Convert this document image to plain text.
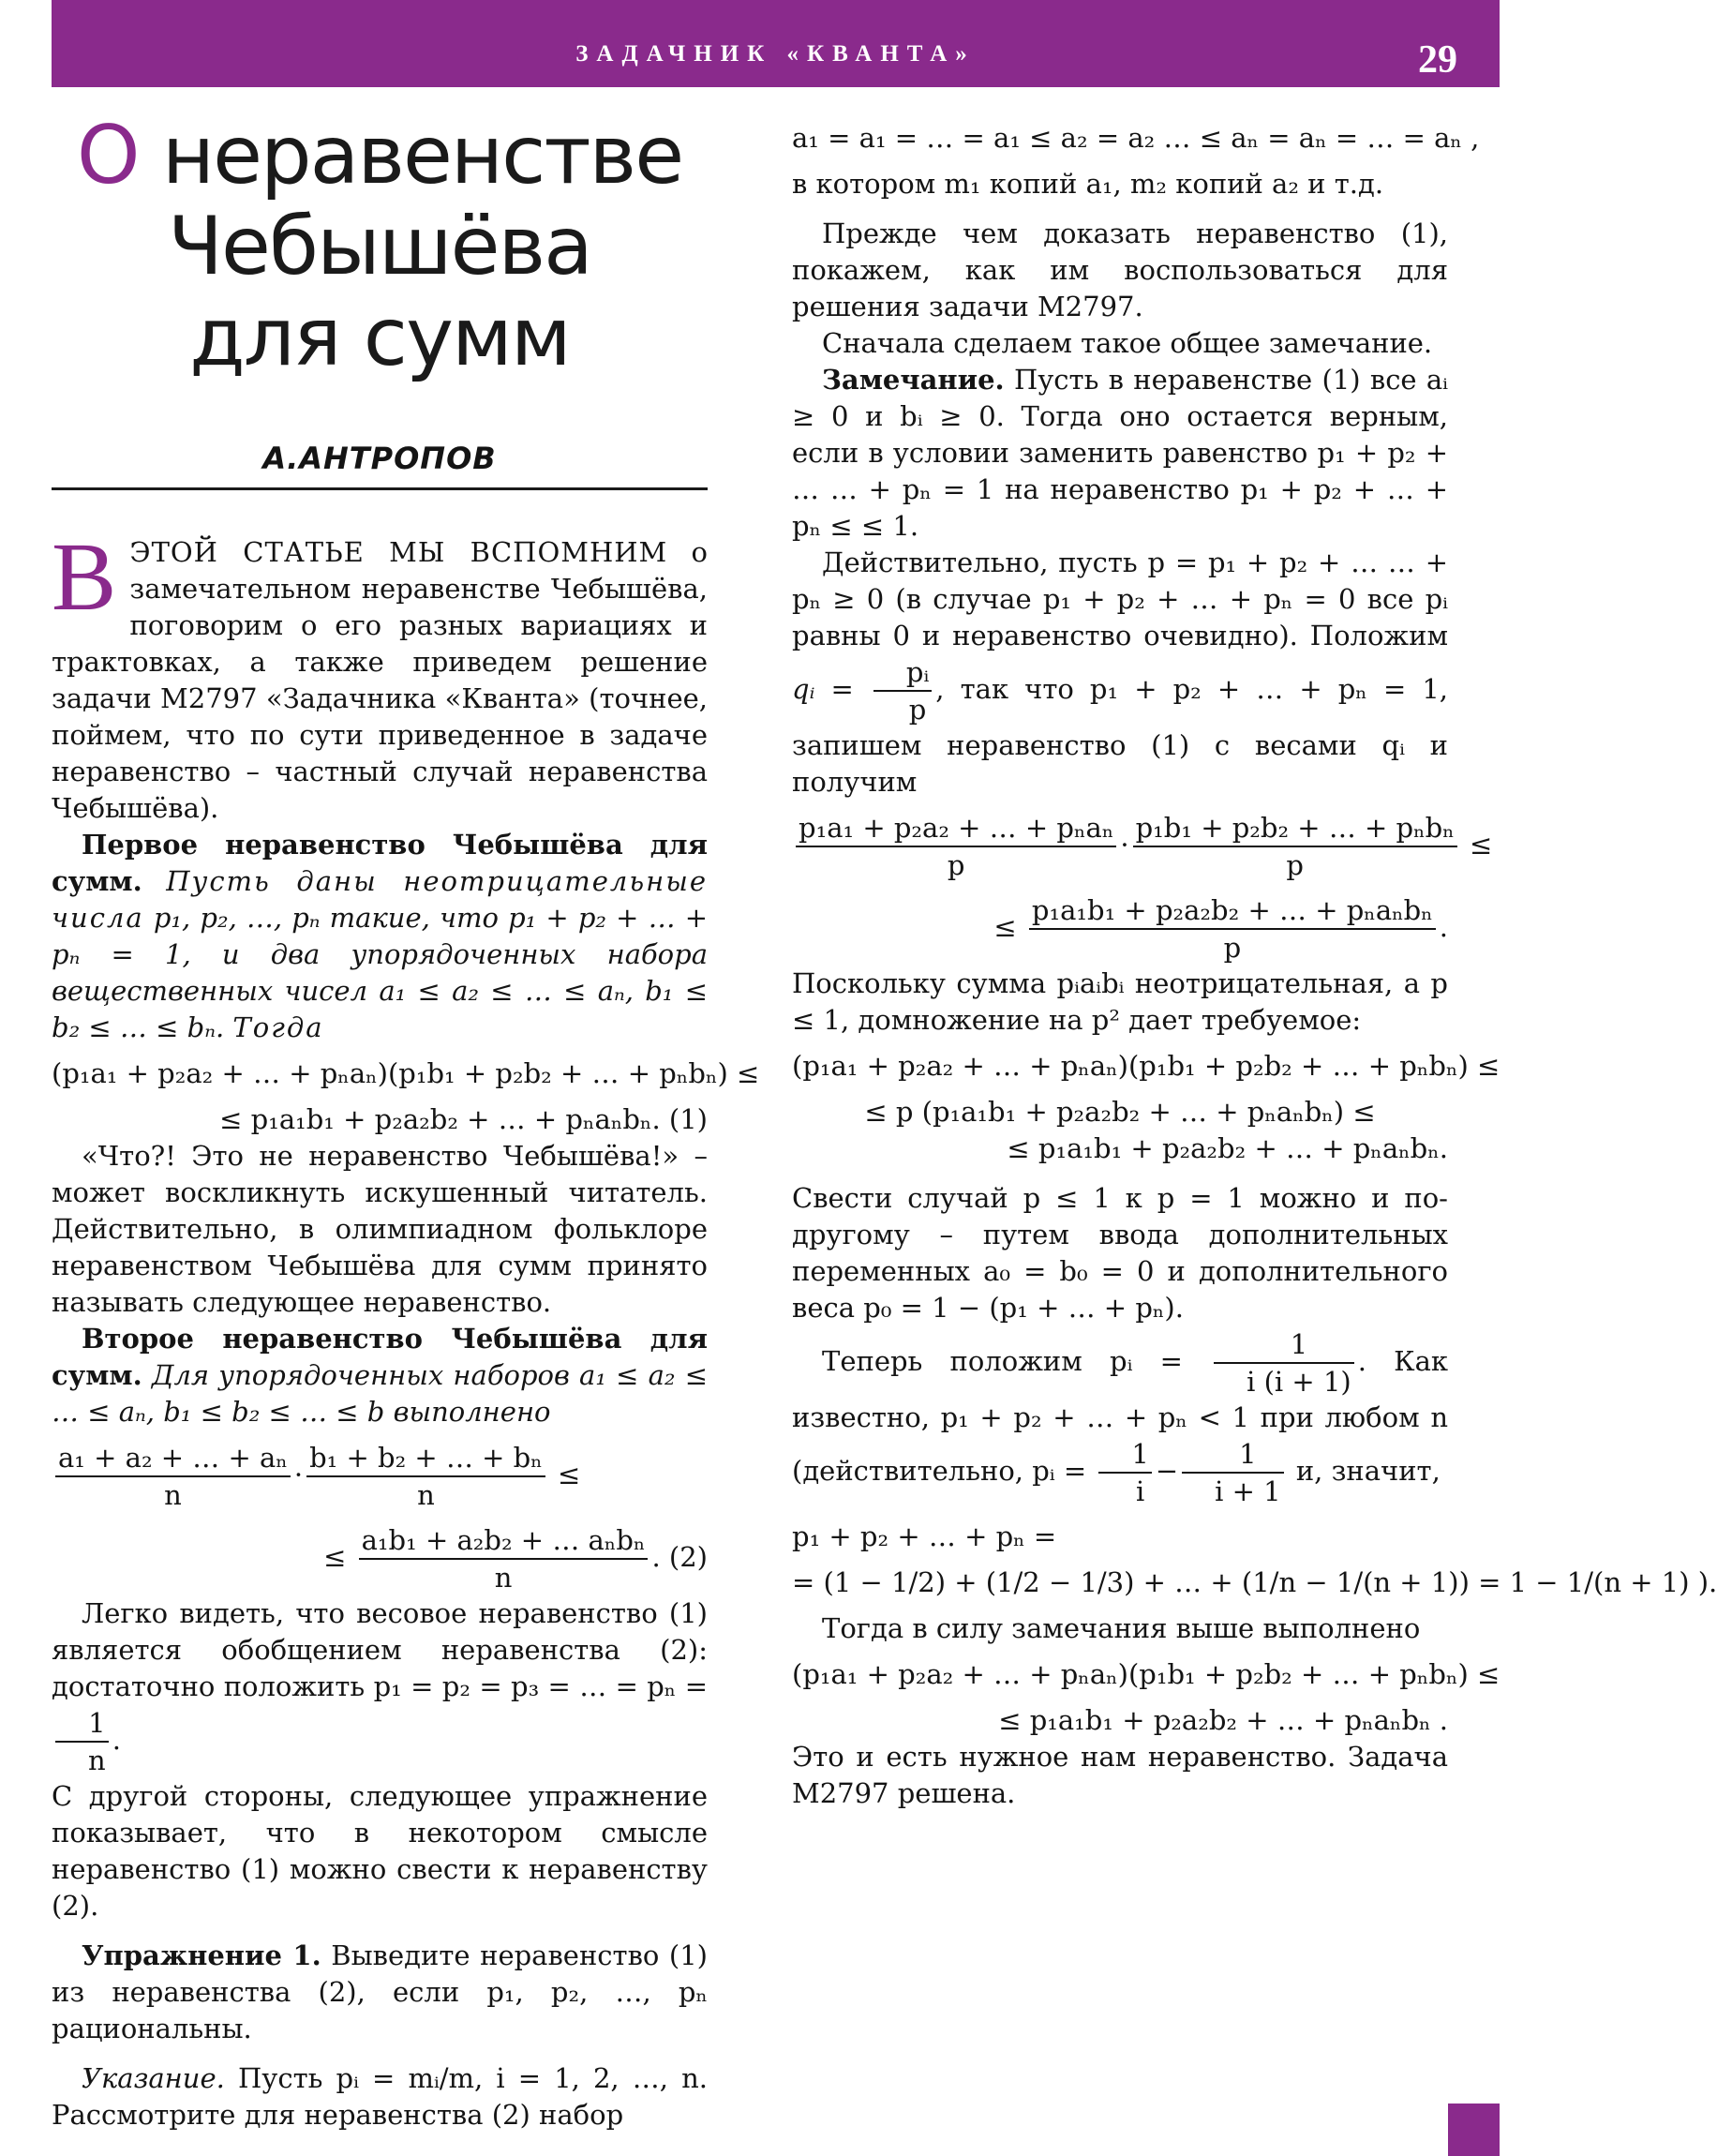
ЗАДАЧНИК «КВАНТА»	29
О неравенстве
Чебышёва
для сумм
А.АНТРОПОВ

В ЭТОЙ СТАТЬЕ МЫ ВСПОМНИМ о замечательном неравенстве Чебышёва, поговорим о его разных вариациях и трактовках, а также приведем решение задачи М2797 «Задачника «Кванта» (точнее, поймем, что по сути приведенное в задаче неравенство – частный случай неравенства Чебышёва).

Первое неравенство Чебышёва для сумм. Пусть даны неотрицательные числа p₁, p₂, …, pₙ такие, что p₁ + p₂ + … + pₙ = 1, и два упорядоченных набора вещественных чисел a₁ ≤ a₂ ≤ … ≤ aₙ, b₁ ≤ b₂ ≤ … ≤ bₙ. Тогда

(p₁a₁ + p₂a₂ + … + pₙaₙ)(p₁b₁ + p₂b₂ + … + pₙbₙ) ≤
≤ p₁a₁b₁ + p₂a₂b₂ + … + pₙaₙbₙ. (1)

«Что?! Это не неравенство Чебышёва!» – может воскликнуть искушенный читатель. Действительно, в олимпиадном фольклоре неравенством Чебышёва для сумм принято называть следующее неравенство.

Второе неравенство Чебышёва для сумм. Для упорядоченных наборов a₁ ≤ a₂ ≤ … ≤ aₙ, b₁ ≤ b₂ ≤ … ≤ b выполнено

$\frac{\text{a₁ + a₂ + … + aₙ}}{n} \cdot \frac{\text{b₁ + b₂ + … + bₙ}}{n}$ ≤
≤ $\frac{\text{a₁b₁ + a₂b₂ + … aₙbₙ}}{n}$ . (2)

Легко видеть, что весовое неравенство (1) является обобщением неравенства (2): достаточно положить p₁ = p₂ = p₃ = … = pₙ =
$\frac{1}{n}$ .

С другой стороны, следующее упражнение показывает, что в некотором смысле неравенство (1) можно свести к неравенству (2).

Упражнение 1. Выведите неравенство (1) из неравенства (2), если p₁, p₂, …, pₙ рациональны.

Указание. Пусть pᵢ = mᵢ/m, i = 1, 2, …, n. Рассмотрите для неравенства (2) набор

a₁ = a₁ = … = a₁ ≤ a₂ = a₂ … ≤ aₙ = aₙ = … = aₙ ,

в котором m₁ копий a₁, m₂ копий a₂ и т.д.

Прежде чем доказать неравенство (1), покажем, как им воспользоваться для решения задачи М2797.

Сначала сделаем такое общее замечание.

Замечание. Пусть в неравенстве (1) все aᵢ ≥ 0 и bᵢ ≥ 0. Тогда оно остается верным, если в условии заменить равенство p₁ + p₂ + … … + pₙ = 1 на неравенство p₁ + p₂ + … + pₙ ≤ ≤ 1.

Действительно, пусть p = p₁ + p₂ + … … + pₙ ≥ 0 (в случае p₁ + p₂ + … + pₙ = 0 все pᵢ равны 0 и неравенство очевидно). Положим qᵢ = $\frac{\text{pᵢ}}{p}$ , так что p₁ + p₂ + … + pₙ = 1, запишем неравенство (1) с весами qᵢ и получим

$\frac{\text{p₁a₁ + p₂a₂ + … + pₙaₙ}}{p} \cdot \frac{\text{p₁b₁ + p₂b₂ + … + pₙbₙ}}{p}$ ≤
≤ $\frac{\text{p₁a₁b₁ + p₂a₂b₂ + … + pₙaₙbₙ}}{p}$ .

Поскольку сумма pᵢaᵢbᵢ неотрицательная, а p ≤ 1, домножение на p² дает требуемое:

(p₁a₁ + p₂a₂ + … + pₙaₙ)(p₁b₁ + p₂b₂ + … + pₙbₙ) ≤
≤ p (p₁a₁b₁ + p₂a₂b₂ + … + pₙaₙbₙ) ≤
≤ p₁a₁b₁ + p₂a₂b₂ + … + pₙaₙbₙ.

Свести случай p ≤ 1 к p = 1 можно и по-другому – путем ввода дополнительных переменных a₀ = b₀ = 0 и дополнительного веса p₀ = 1 − (p₁ + … + pₙ).

Теперь положим pᵢ = $\frac{1}{i (i + 1)}$ . Как известно, p₁ + p₂ + … + pₙ < 1 при любом n (действительно, pᵢ = $\frac{1}{i} - \frac{1}{i + 1} и$, значит,

p₁ + p₂ + … + pₙ =
= (1 − 1/2) + (1/2 − 1/3) + … + (1/n − 1/(n + 1)) = 1 − 1/(n + 1) ).

Тогда в силу замечания выше выполнено

(p₁a₁ + p₂a₂ + … + pₙaₙ)(p₁b₁ + p₂b₂ + … + pₙbₙ) ≤
≤ p₁a₁b₁ + p₂a₂b₂ + … + pₙaₙbₙ .

Это и есть нужное нам неравенство. Задача М2797 решена.
